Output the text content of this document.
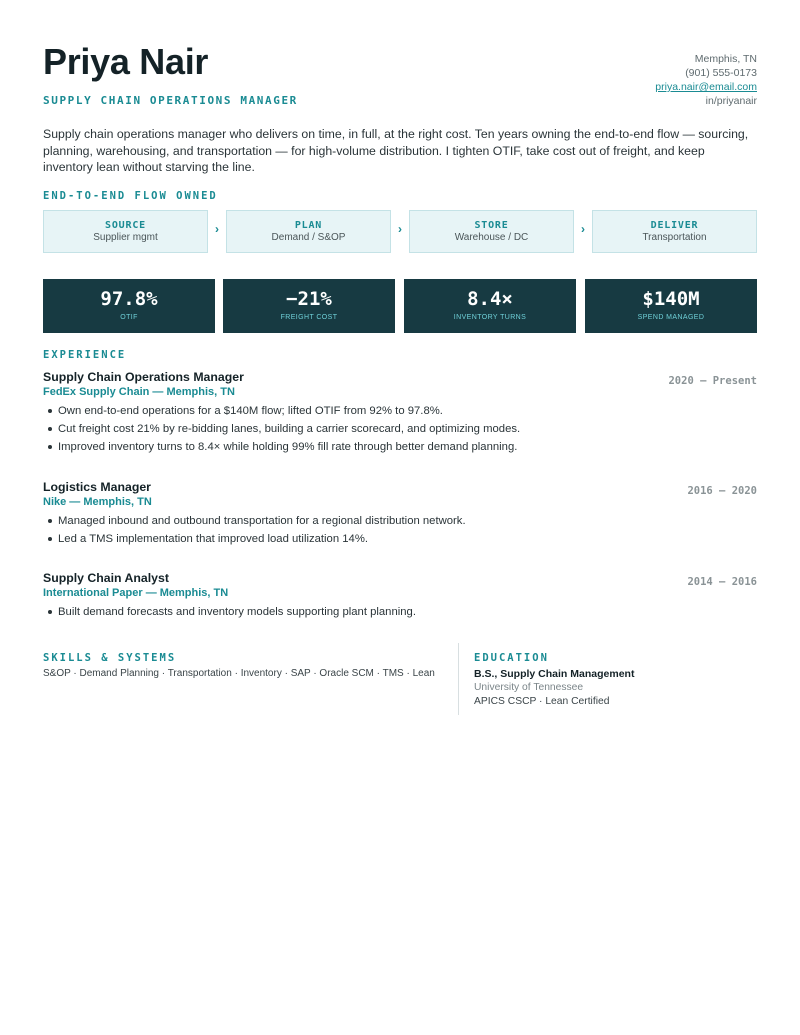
Priya Nair
SUPPLY CHAIN OPERATIONS MANAGER
Memphis, TN
(901) 555-0173
priya.nair@email.com
in/priyanair
Supply chain operations manager who delivers on time, in full, at the right cost. Ten years owning the end-to-end flow — sourcing, planning, warehousing, and transportation — for high-volume distribution. I tighten OTIF, take cost out of freight, and keep inventory lean without starving the line.
END-TO-END FLOW OWNED
SOURCE
Supplier mgmt
›	PLAN
Demand / S&OP
›	STORE
Warehouse / DC
›	DELIVER
Transportation
97.8%
OTIF
−21%
FREIGHT COST
8.4×
INVENTORY TURNS
$140M
SPEND MANAGED
EXPERIENCE
Supply Chain Operations Manager
FedEx Supply Chain — Memphis, TN
2020 — Present
Own end-to-end operations for a $140M flow; lifted OTIF from 92% to 97.8%.
Cut freight cost 21% by re-bidding lanes, building a carrier scorecard, and optimizing modes.
Improved inventory turns to 8.4× while holding 99% fill rate through better demand planning.
Logistics Manager
Nike — Memphis, TN
2016 — 2020
Managed inbound and outbound transportation for a regional distribution network.
Led a TMS implementation that improved load utilization 14%.
Supply Chain Analyst
International Paper — Memphis, TN
2014 — 2016
Built demand forecasts and inventory models supporting plant planning.
SKILLS & SYSTEMS
S&OP · Demand Planning · Transportation · Inventory · SAP · Oracle SCM · TMS · Lean
EDUCATION
B.S., Supply Chain Management
University of Tennessee
APICS CSCP · Lean Certified
